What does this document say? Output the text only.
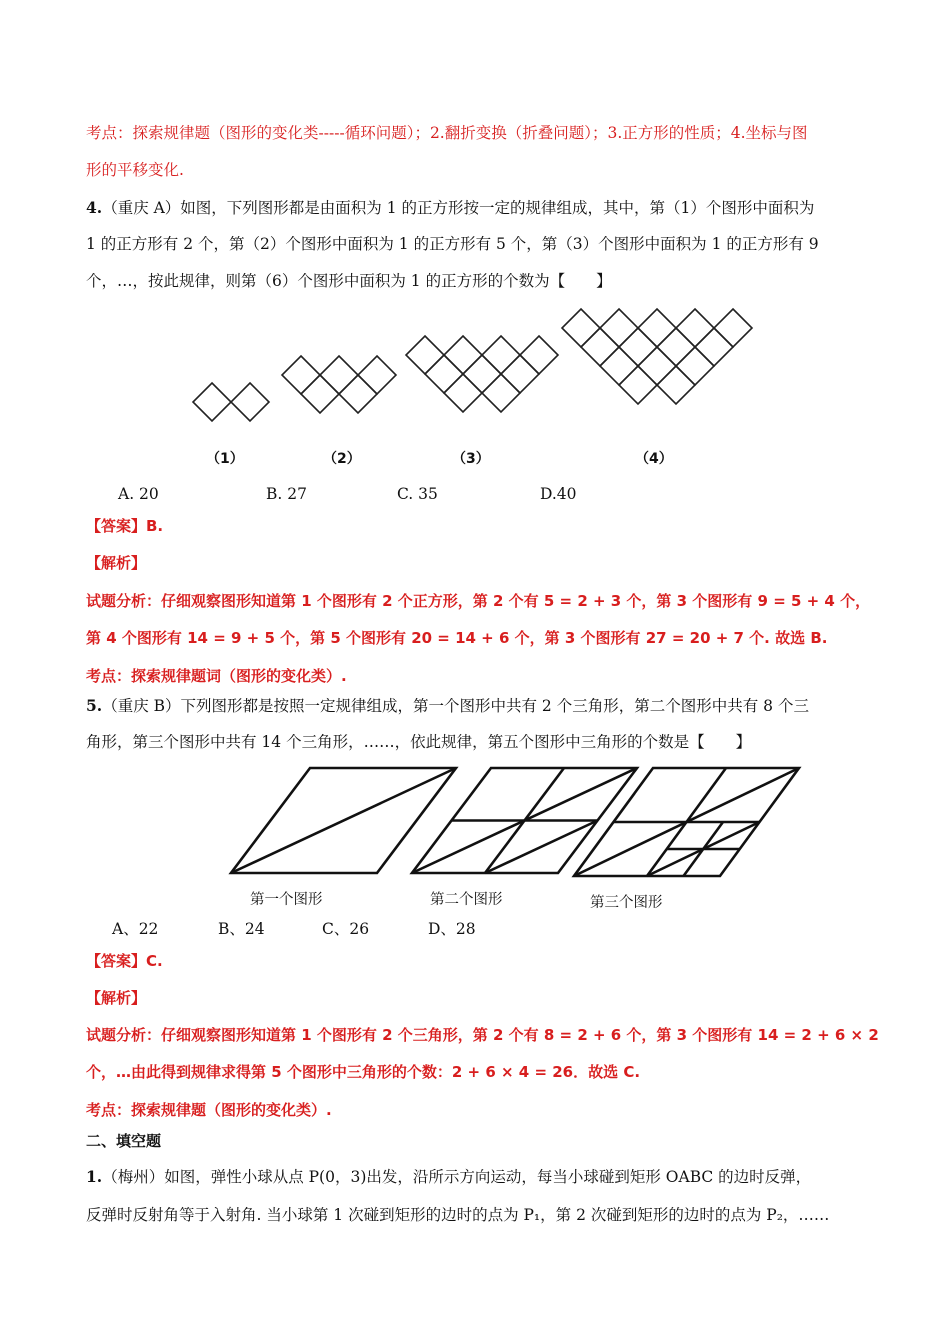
考点：探索规律题（图形的变化类-----循环问题）；2.翻折变换（折叠问题）；3.正方形的性质；4.坐标与图
形的平移变化.
4.（重庆 A）如图，下列图形都是由面积为 1 的正方形按一定的规律组成，其中，第（1）个图形中面积为
1 的正方形有 2 个，第（2）个图形中面积为 1 的正方形有 5 个，第（3）个图形中面积为 1 的正方形有 9
个，…，按此规律，则第（6）个图形中面积为 1 的正方形的个数为【　　】
（1）	（2）	（3）	（4）
A. 20	B. 27	C. 35	D.40
【答案】B.
【解析】
试题分析：仔细观察图形知道第 1 个图形有 2 个正方形，第 2 个有 5 = 2 + 3 个，第 3 个图形有 9 = 5 + 4 个，
第 4 个图形有 14 = 9 + 5 个，第 5 个图形有 20 = 14 + 6 个，第 3 个图形有 27 = 20 + 7 个. 故选 B.
考点：探索规律题词（图形的变化类）.
5.（重庆 B）下列图形都是按照一定规律组成，第一个图形中共有 2 个三角形，第二个图形中共有 8 个三
角形，第三个图形中共有 14 个三角形，……，依此规律，第五个图形中三角形的个数是【　　】
第一个图形	第二个图形	第三个图形
A、22	B、24	C、26	D、28
【答案】C.
【解析】
试题分析：仔细观察图形知道第 1 个图形有 2 个三角形，第 2 个有 8 = 2 + 6 个，第 3 个图形有 14 = 2 + 6 × 2
个，…由此得到规律求得第 5 个图形中三角形的个数：2 + 6 × 4 = 26．故选 C.
考点：探索规律题（图形的变化类）.
二、填空题
1.（梅州）如图，弹性小球从点 P(0，3)出发，沿所示方向运动，每当小球碰到矩形 OABC 的边时反弹，
反弹时反射角等于入射角. 当小球第 1 次碰到矩形的边时的点为 P₁，第 2 次碰到矩形的边时的点为 P₂，……
